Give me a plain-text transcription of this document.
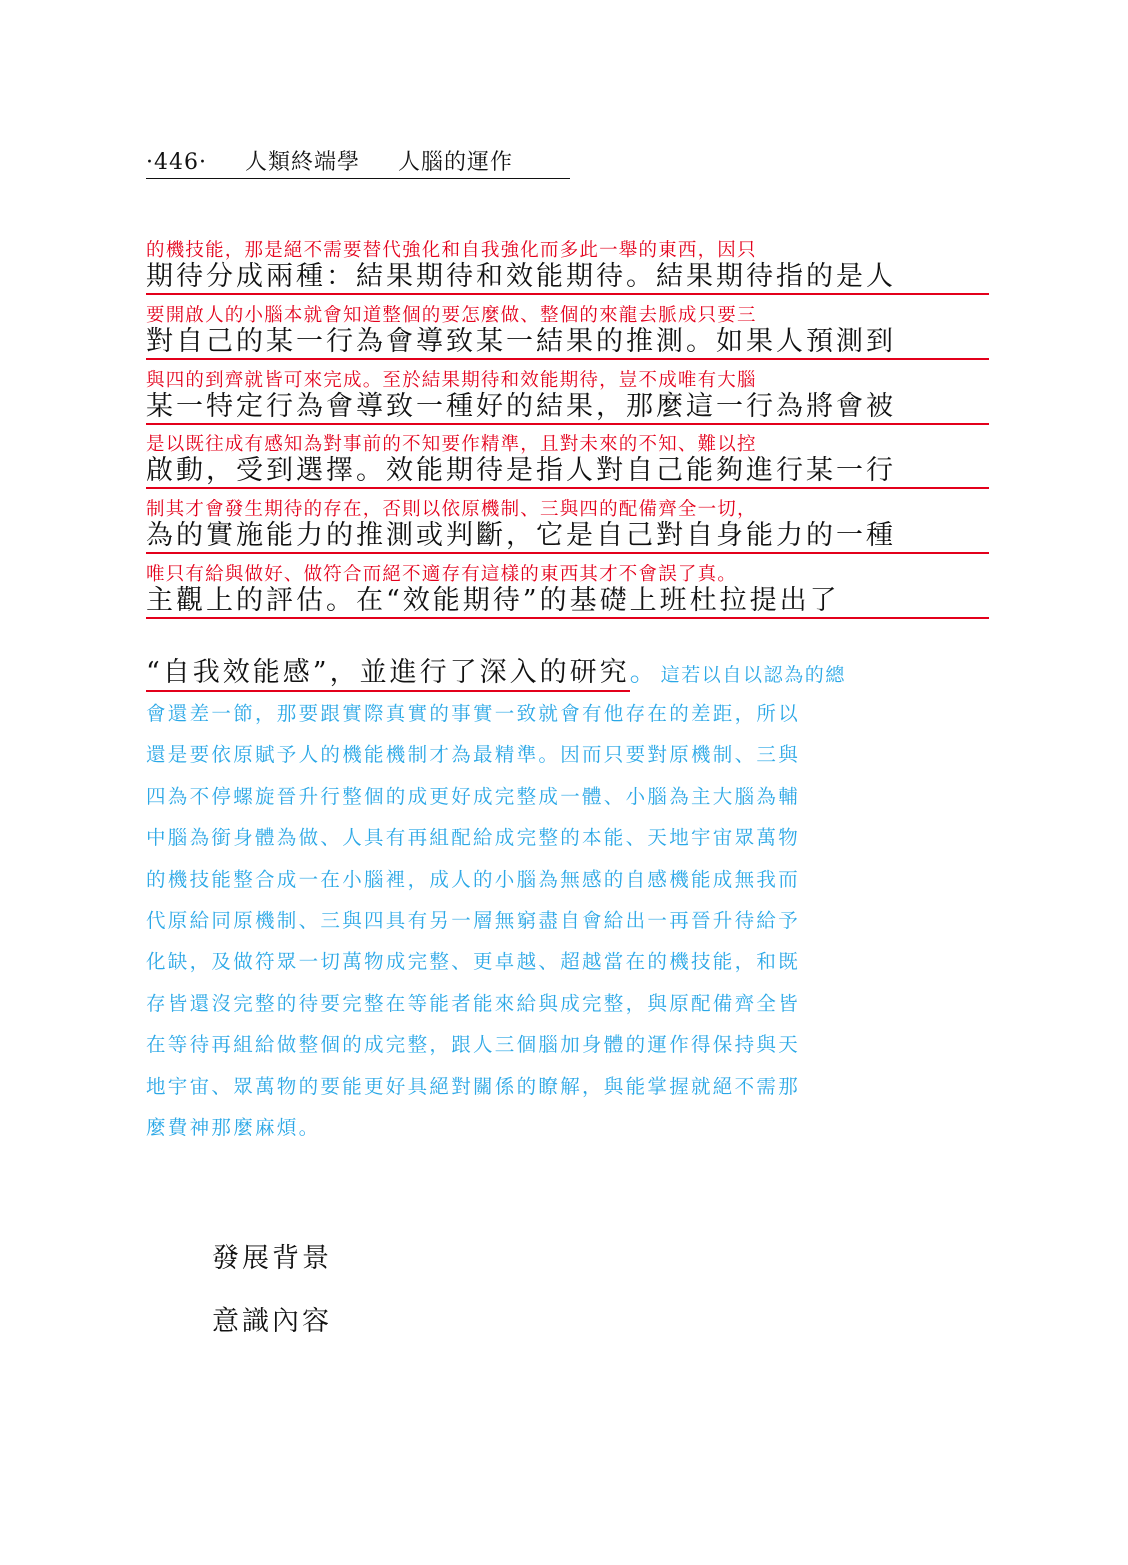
·446· 人類終端學 人腦的運作
的機技能，那是絕不需要替代強化和自我強化而多此一舉的東西，因只
期待分成兩種：結果期待和效能期待。結果期待指的是人
要開啟人的小腦本就會知道整個的要怎麼做、整個的來龍去脈成只要三
對自己的某一行為會導致某一結果的推測。如果人預測到
與四的到齊就皆可來完成。至於結果期待和效能期待，豈不成唯有大腦
某一特定行為會導致一種好的結果，那麼這一行為將會被
是以既往成有感知為對事前的不知要作精準，且對未來的不知、難以控
啟動，受到選擇。效能期待是指人對自己能夠進行某一行
制其才會發生期待的存在，否則以依原機制、三與四的配備齊全一切，
為的實施能力的推測或判斷，它是自己對自身能力的一種
唯只有給與做好、做符合而絕不適存有這樣的東西其才不會誤了真。
主觀上的評估。在“效能期待”的基礎上班杜拉提出了
“自我效能感”，並進行了深入的研究。 這若以自以認為的總
會還差一節，那要跟實際真實的事實一致就會有他存在的差距，所以
還是要依原賦予人的機能機制才為最精準。因而只要對原機制、三與
四為不停螺旋晉升行整個的成更好成完整成一體、小腦為主大腦為輔
中腦為銜身體為做、人具有再組配給成完整的本能、天地宇宙眾萬物
的機技能整合成一在小腦裡，成人的小腦為無感的自感機能成無我而
代原給同原機制、三與四具有另一層無窮盡自會給出一再晉升待給予
化缺，及做符眾一切萬物成完整、更卓越、超越當在的機技能，和既
存皆還沒完整的待要完整在等能者能來給與成完整，與原配備齊全皆
在等待再組給做整個的成完整，跟人三個腦加身體的運作得保持與天
地宇宙、眾萬物的要能更好具絕對關係的瞭解，與能掌握就絕不需那
麼費神那麼麻煩。
發展背景
意識內容
